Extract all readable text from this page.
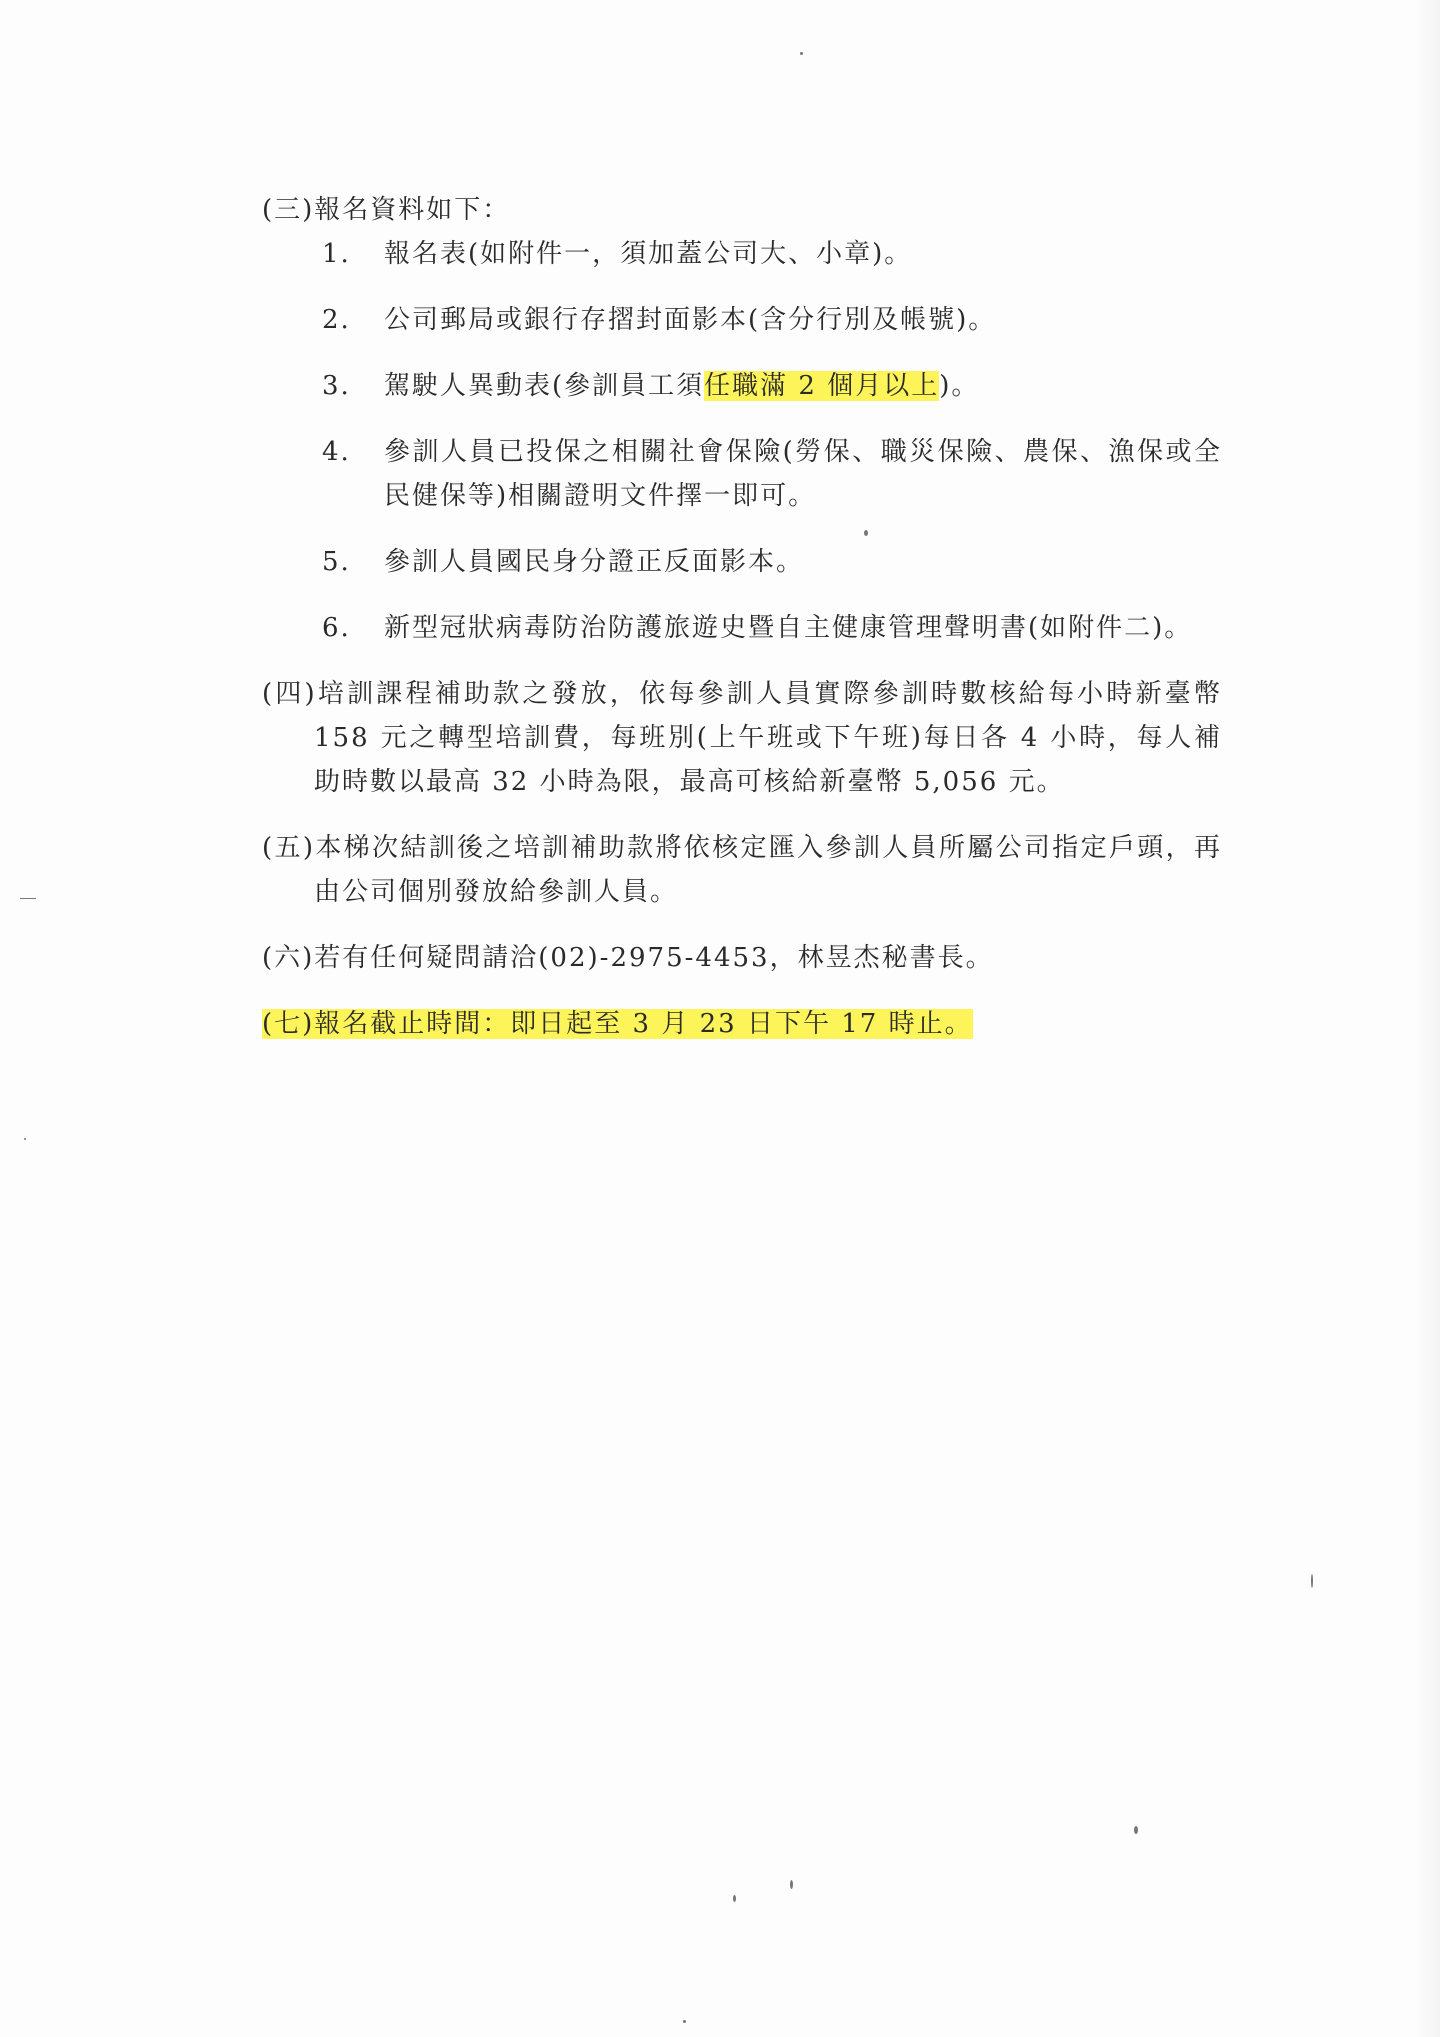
(三)報名資料如下：

1.	報名表(如附件一，須加蓋公司大、小章)。
2.	公司郵局或銀行存摺封面影本(含分行別及帳號)。
3.	駕駛人異動表(參訓員工須任職滿 2 個月以上)。
4.	參訓人員已投保之相關社會保險(勞保、職災保險、農保、漁保或全民健保等)相關證明文件擇一即可。
5.	參訓人員國民身分證正反面影本。
6.	新型冠狀病毒防治防護旅遊史暨自主健康管理聲明書(如附件二)。

(四)培訓課程補助款之發放，依每參訓人員實際參訓時數核給每小時新臺幣 158 元之轉型培訓費，每班別(上午班或下午班)每日各 4 小時，每人補助時數以最高 32 小時為限，最高可核給新臺幣 5,056 元。

(五)本梯次結訓後之培訓補助款將依核定匯入參訓人員所屬公司指定戶頭，再由公司個別發放給參訓人員。

(六)若有任何疑問請洽(02)-2975-4453，林昱杰秘書長。

(七)報名截止時間：即日起至 3 月 23 日下午 17 時止。
